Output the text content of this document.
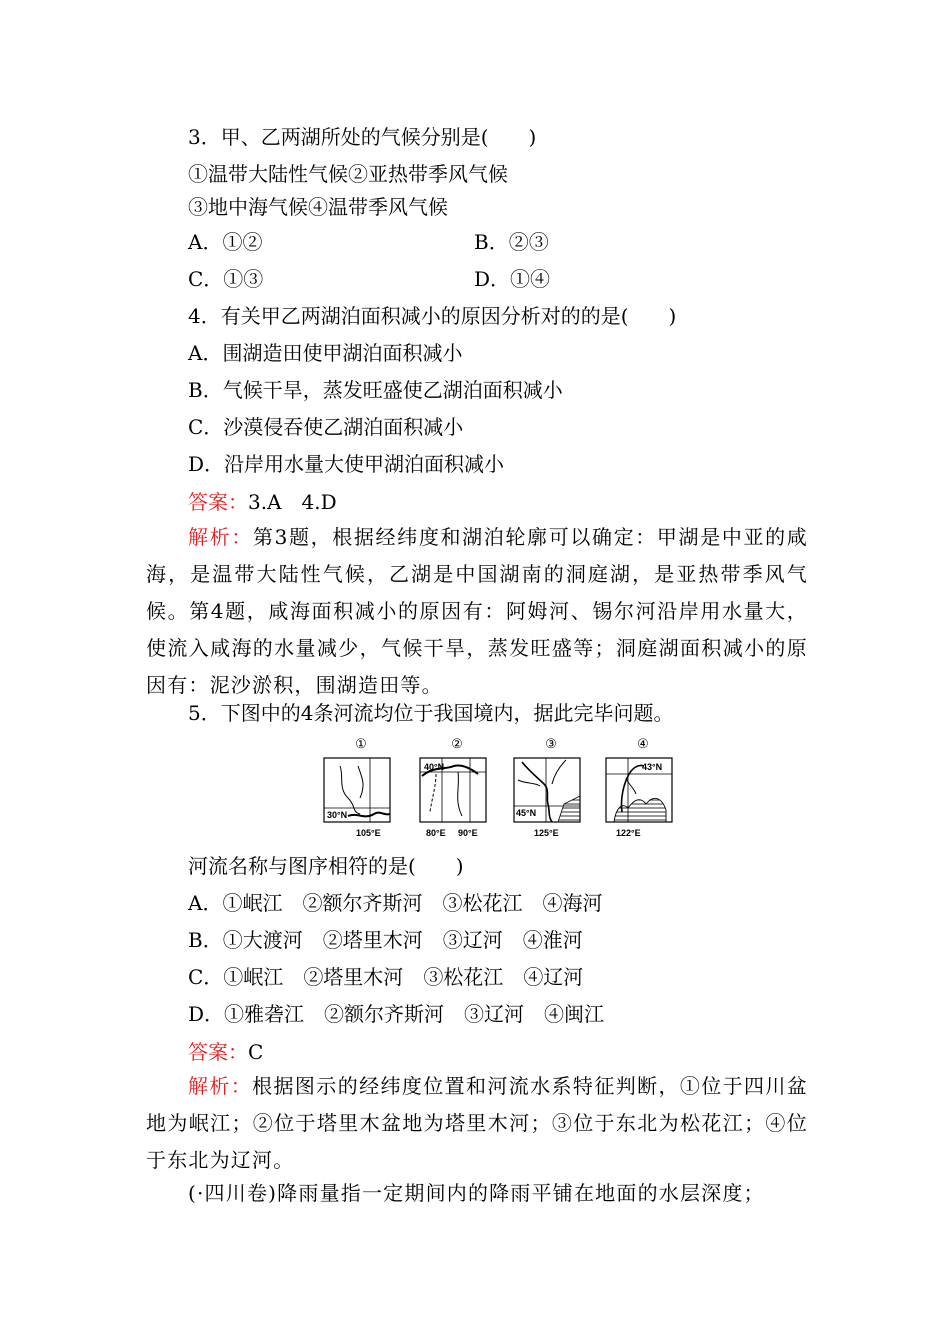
3．甲、乙两湖所处的气候分别是(　　)
①温带大陆性气候②亚热带季风气候
③地中海气候④温带季风气候
A．①②	B．②③
C．①③	D．①④
4．有关甲乙两湖泊面积减小的原因分析对的的是(　　)
A．围湖造田使甲湖泊面积减小
B．气候干旱，蒸发旺盛使乙湖泊面积减小
C．沙漠侵吞使乙湖泊面积减小
D．沿岸用水量大使甲湖泊面积减小
答案：3.A　4.D
解析：第3题，根据经纬度和湖泊轮廓可以确定：甲湖是中亚的咸海，是温带大陆性气候，乙湖是中国湖南的洞庭湖，是亚热带季风气候。第4题，咸海面积减小的原因有：阿姆河、锡尔河沿岸用水量大，使流入咸海的水量减少，气候干旱，蒸发旺盛等；洞庭湖面积减小的原因有：泥沙淤积，围湖造田等。
5．下图中的4条河流均位于我国境内，据此完毕问题。
①
30°N
105°E
②
40°N
80°E 90°E
③
45°N
125°E
④
43°N
122°E
河流名称与图序相符的是(　　)
A．①岷江 ②额尔齐斯河 ③松花江 ④海河
B．①大渡河 ②塔里木河 ③辽河 ④淮河
C．①岷江 ②塔里木河 ③松花江 ④辽河
D．①雅砻江 ②额尔齐斯河 ③辽河 ④闽江
答案：C
解析：根据图示的经纬度位置和河流水系特征判断，①位于四川盆地为岷江；②位于塔里木盆地为塔里木河；③位于东北为松花江；④位于东北为辽河。
(·四川卷)降雨量指一定期间内的降雨平铺在地面的水层深度；
